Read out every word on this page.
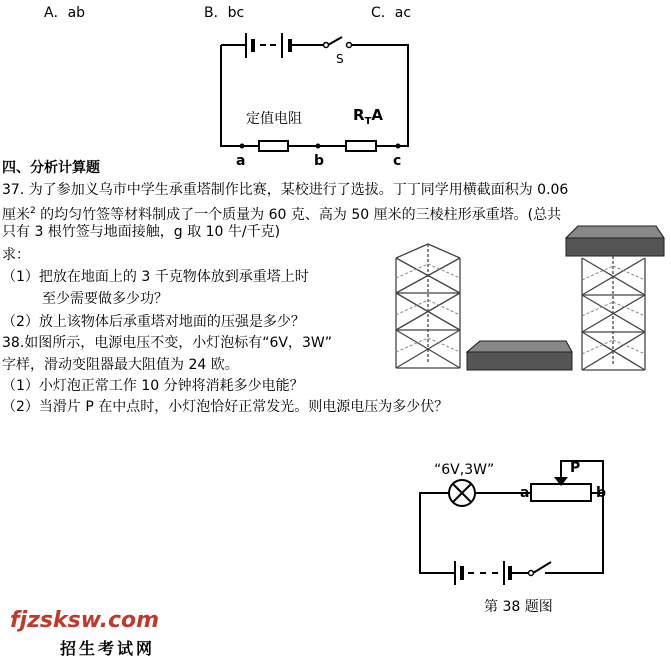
A．ab	B．bc	C．ac
S
定值电阻	$R_TA$
a	b	c
四、分析计算题
37. 为了参加义乌市中学生承重塔制作比赛，某校进行了选拔。丁丁同学用横截面积为 0.06
厘米$^2$ 的均匀竹签等材料制成了一个质量为 60 克、高为 50 厘米的三棱柱形承重塔。(总共
只有 3 根竹签与地面接触，g 取 10 牛/千克)
求：
（1）把放在地面上的 3 千克物体放到承重塔上时
至少需要做多少功？
（2）放上该物体后承重塔对地面的压强是多少？
38.如图所示，电源电压不变，小灯泡标有“6V，3W”
字样，滑动变阻器最大阻值为 24 欧。
（1）小灯泡正常工作 10 分钟将消耗多少电能？
（2）当滑片 P 在中点时，小灯泡恰好正常发光。则电源电压为多少伏？
“6V,3W”	P
a	b
第 38 题图
fjzsksw.com
招生考试网
